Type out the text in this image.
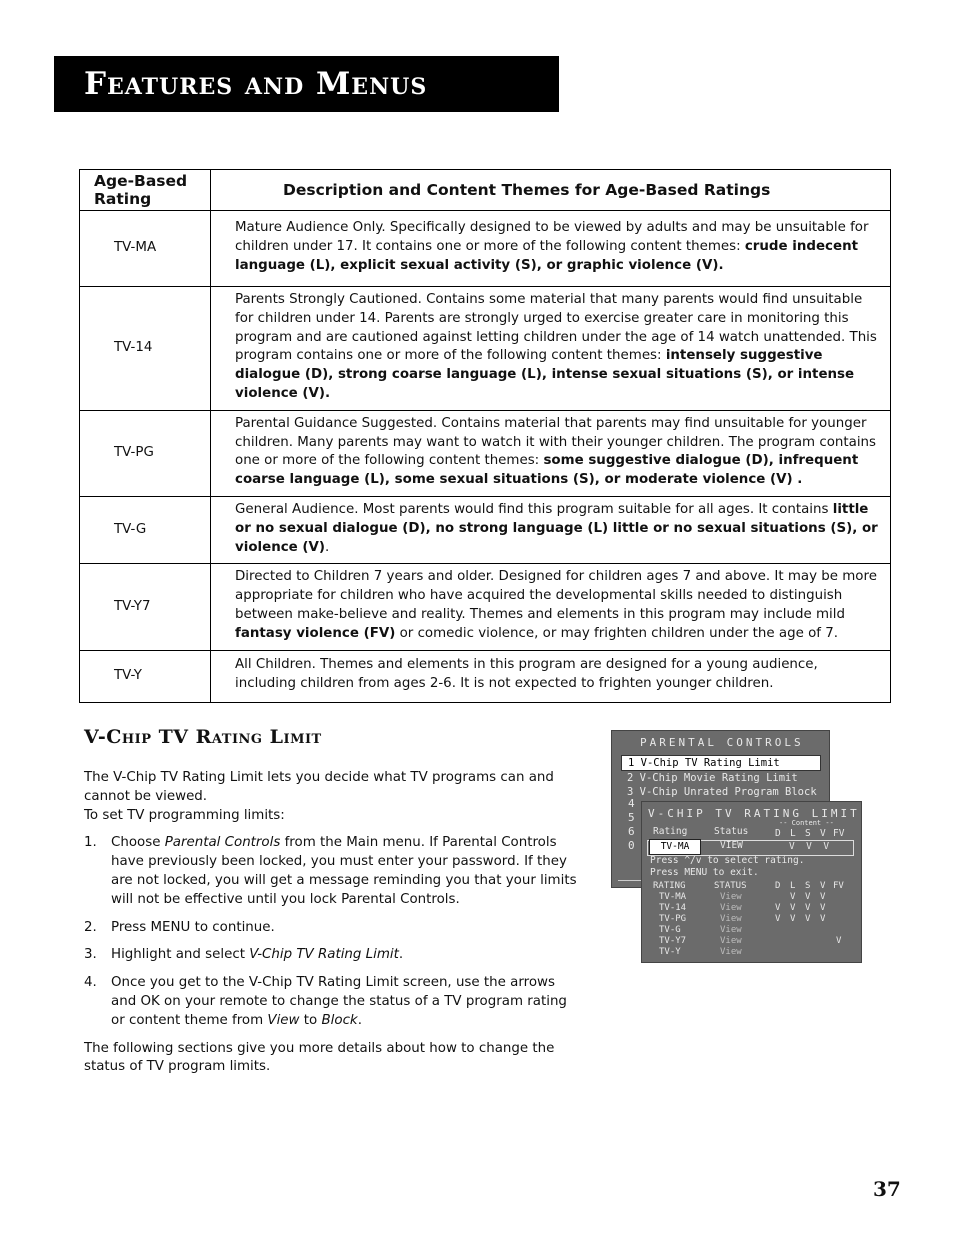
Features and Menus
Age-Based Rating	Description and Content Themes for Age-Based Ratings
TV-MA	Mature Audience Only. Specifically designed to be viewed by adults and may be unsuitable for children under 17. It contains one or more of the following content themes: crude indecent language (L), explicit sexual activity (S), or graphic violence (V).
TV-14	Parents Strongly Cautioned. Contains some material that many parents would find unsuitable for children under 14. Parents are strongly urged to exercise greater care in monitoring this program and are cautioned against letting children under the age of 14 watch unattended. This program contains one or more of the following content themes: intensely suggestive dialogue (D), strong coarse language (L), intense sexual situations (S), or intense violence (V).
TV-PG	Parental Guidance Suggested. Contains material that parents may find unsuitable for younger children. Many parents may want to watch it with their younger children. The program contains one or more of the following content themes: some suggestive dialogue (D), infrequent coarse language (L), some sexual situations (S), or moderate violence (V) .
TV-G	General Audience. Most parents would find this program suitable for all ages. It contains little or no sexual dialogue (D), no strong language (L) little or no sexual situations (S), or violence (V).
TV-Y7	Directed to Children 7 years and older. Designed for children ages 7 and above. It may be more appropriate for children who have acquired the developmental skills needed to distinguish between make-believe and reality. Themes and elements in this program may include mild fantasy violence (FV) or comedic violence, or may frighten children under the age of 7.
TV-Y	All Children. Themes and elements in this program are designed for a young audience, including children from ages 2-6. It is not expected to frighten younger children.
V-Chip TV Rating Limit

The V-Chip TV Rating Limit lets you decide what TV programs can and cannot be viewed.

To set TV programming limits:

1.	Choose Parental Controls from the Main menu. If Parental Controls have previously been locked, you must enter your password. If they are not locked, you will get a message reminding you that your limits will not be effective until you lock Parental Controls.
2.	Press MENU to continue.
3.	Highlight and select V-Chip TV Rating Limit.
4.	Once you get to the V-Chip TV Rating Limit screen, use the arrows and OK on your remote to change the status of a TV program rating or content theme from View to Block.

The following sections give you more details about how to change the status of TV program limits.

PARENTAL CONTROLS
1 V-Chip TV Rating Limit
2 V-Chip Movie Rating Limit
3 V-Chip Unrated Program Block
4
5
6
0
V-CHIP TV RATING LIMIT
-- Content --
Rating	Status	D L S V FV
TV-MA	VIEW	V  V  V
Press ^/v to select rating.
Press MENU to exit.
RATING	STATUS	D L S V FV
TV-MA	View	V V V
TV-14	View	V V V V
TV-PG	View	V V V V
TV-G	View
TV-Y7	View	V
TV-Y	View
37
